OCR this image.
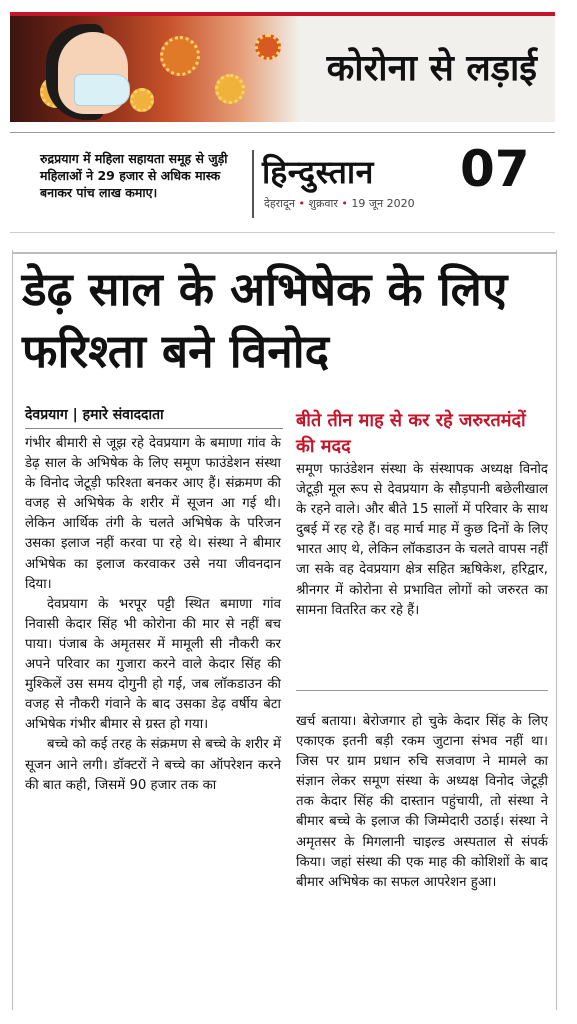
कोरोना से लड़ाई
रुद्रप्रयाग में महिला सहायता समूह से जुड़ी महिलाओं ने 29 हजार से अधिक मास्क बनाकर पांच लाख कमाए।
हिन्दुस्तान 07
देहरादून • शुक्रवार • 19 जून 2020
डेढ़ साल के अभिषेक के लिए फरिश्ता बने विनोद
देवप्रयाग | हमारे संवाददाता

गंभीर बीमारी से जूझ रहे देवप्रयाग के बमाणा गांव के डेढ़ साल के अभिषेक के लिए समूण फाउंडेशन संस्था के विनोद जेटूड़ी फरिश्ता बनकर आए हैं। संक्रमण की वजह से अभिषेक के शरीर में सूजन आ गई थी। लेकिन आर्थिक तंगी के चलते अभिषेक के परिजन उसका इलाज नहीं करवा पा रहे थे। संस्था ने बीमार अभिषेक का इलाज करवाकर उसे नया जीवनदान दिया।

देवप्रयाग के भरपूर पट्टी स्थित बमाणा गांव निवासी केदार सिंह भी कोरोना की मार से नहीं बच पाया। पंजाब के अमृतसर में मामूली सी नौकरी कर अपने परिवार का गुजारा करने वाले केदार सिंह की मुश्किलें उस समय दोगुनी हो गई, जब लॉकडाउन की वजह से नौकरी गंवाने के बाद उसका डेढ़ वर्षीय बेटा अभिषेक गंभीर बीमार से ग्रस्त हो गया।

बच्चे को कई तरह के संक्रमण से बच्चे के शरीर में सूजन आने लगी। डॉक्टरों ने बच्चे का ऑपरेशन करने की बात कही, जिसमें 90 हजार तक का

बीते तीन माह से कर रहे जरुरतमंदों की मदद

समूण फाउंडेशन संस्था के संस्थापक अध्यक्ष विनोद जेटूड़ी मूल रूप से देवप्रयाग के सौड़पानी बछेलीखाल के रहने वाले। और बीते 15 सालों में परिवार के साथ दुबई में रह रहे हैं। वह मार्च माह में कुछ दिनों के लिए भारत आए थे, लेकिन लॉकडाउन के चलते वापस नहीं जा सके वह देवप्रयाग क्षेत्र सहित ऋषिकेश, हरिद्वार, श्रीनगर में कोरोना से प्रभावित लोगों को जरुरत का सामना वितरित कर रहे हैं।

खर्च बताया। बेरोजगार हो चुके केदार सिंह के लिए एकाएक इतनी बड़ी रकम जुटाना संभव नहीं था। जिस पर ग्राम प्रधान रुचि सजवाण ने मामले का संज्ञान लेकर समूण संस्था के अध्यक्ष विनोद जेटूड़ी तक केदार सिंह की दास्तान पहुंचायी, तो संस्था ने बीमार बच्चे के इलाज की जिम्मेदारी उठाई। संस्था ने अमृतसर के मिगलानी चाइल्ड अस्पताल से संपर्क किया। जहां संस्था की एक माह की कोशिशों के बाद बीमार अभिषेक का सफल आपरेशन हुआ।
